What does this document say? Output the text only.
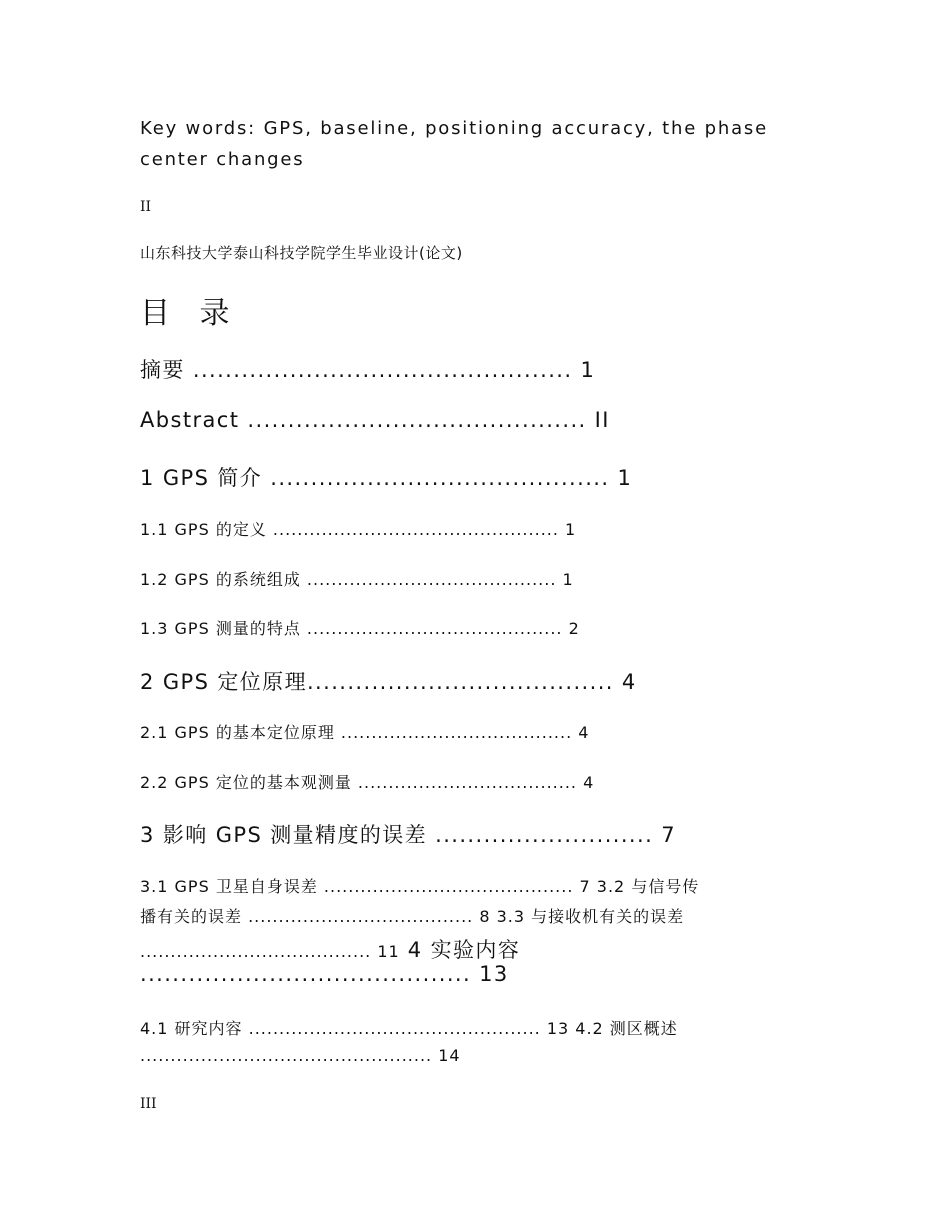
Key words: GPS, baseline, positioning accuracy, the phase
center changes
II
山东科技大学泰山科技学院学生毕业设计(论文)
目 录
摘要 ............................................... 1
Abstract .......................................... II
1 GPS 简介 .......................................... 1
1.1 GPS 的定义 ............................................... 1
1.2 GPS 的系统组成 ......................................... 1
1.3 GPS 测量的特点 .......................................... 2
2 GPS 定位原理...................................... 4
2.1 GPS 的基本定位原理 ...................................... 4
2.2 GPS 定位的基本观测量 .................................... 4
3 影响 GPS 测量精度的误差 ........................... 7
3.1 GPS 卫星自身误差 ......................................... 7 3.2 与信号传
播有关的误差 ..................................... 8 3.3 与接收机有关的误差
...................................... 11 4 实验内容
......................................... 13
4.1 研究内容 ................................................ 13 4.2 测区概述
................................................ 14
III
